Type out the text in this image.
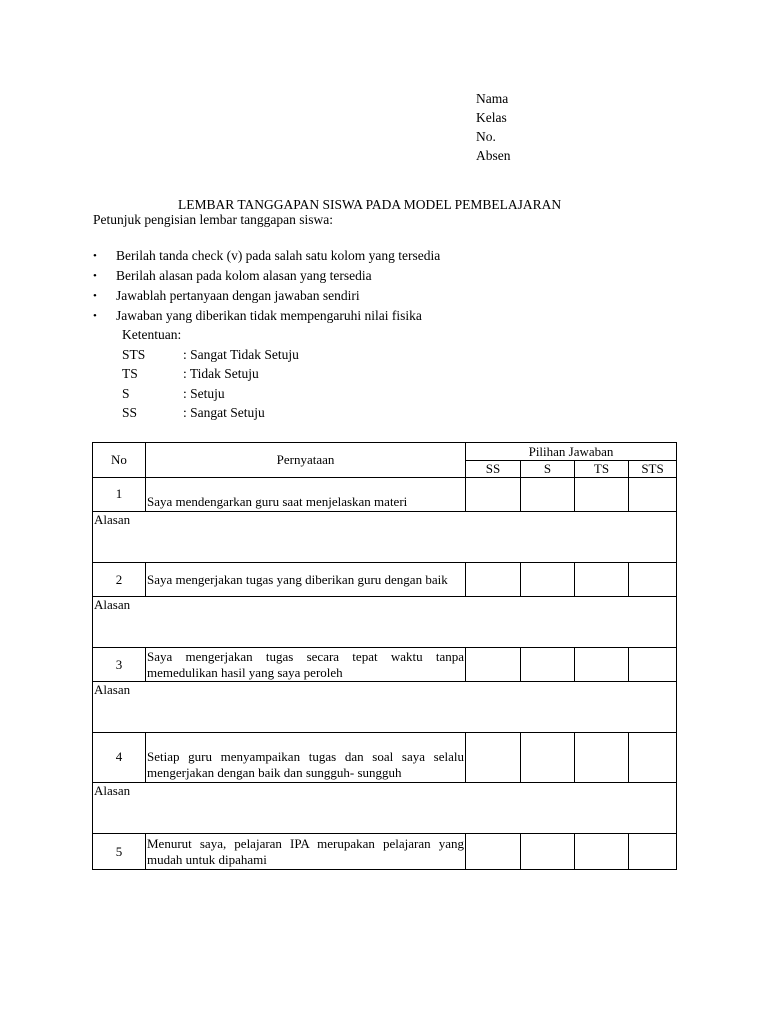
Nama
Kelas
No.
Absen
LEMBAR TANGGAPAN SISWA PADA MODEL PEMBELAJARAN
Petunjuk pengisian lembar tanggapan siswa:
• Berilah tanda check (v) pada salah satu kolom yang tersedia
• Berilah alasan pada kolom alasan yang tersedia
• Jawablah pertanyaan dengan jawaban sendiri
• Jawaban yang diberikan tidak mempengaruhi nilai fisika
Ketentuan:
STS	: Sangat Tidak Setuju
TS	: Tidak Setuju
S	: Setuju
SS	: Sangat Setuju
No	Pernyataan	Pilihan Jawaban			
		SS	S	TS	STS
1	Saya mendengarkan guru saat menjelaskan materi				
Alasan					
2	Saya mengerjakan tugas yang diberikan guru dengan baik				
Alasan					
3	Saya mengerjakan tugas secara tepat waktu tanpa memedulikan hasil yang saya peroleh				
Alasan					
4	Setiap guru menyampaikan tugas dan soal saya selalu mengerjakan dengan baik dan sungguh- sungguh				
Alasan					
5	Menurut saya, pelajaran IPA merupakan pelajaran yang mudah untuk dipahami				
